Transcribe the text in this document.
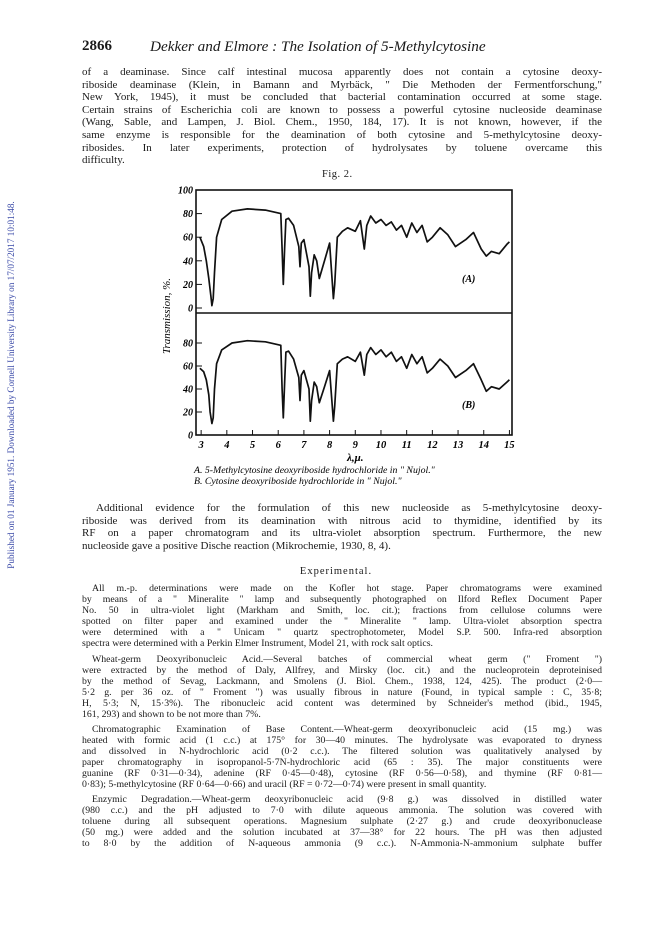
Published on 01 January 1951. Downloaded by Cornell University Library on 17/07/2017 10:01:48.
2866	Dekker and Elmore : The Isolation of 5-Methylcytosine
of a deaminase. Since calf intestinal mucosa apparently does not contain a cytosine deoxy-
riboside deaminase (Klein, in Bamann and Myrbäck, " Die Methoden der Fermentforschung,"
New York, 1945), it must be concluded that bacterial contamination occurred at some stage.
Certain strains of Escherichia coli are known to possess a powerful cytosine nucleoside deaminase
(Wang, Sable, and Lampen, J. Biol. Chem., 1950, 184, 17). It is not known, however, if the
same enzyme is responsible for the deamination of both cytosine and 5-methylcytosine deoxy-
ribosides. In later experiments, protection of hydrolysates by toluene overcame this
difficulty.
Fig. 2.
Transmission, %.
100
80
60
40
20
0
(A)
80
60
40
20
0
(B)
3 4 5 6 7 8 9 10 11 12 13 14 15
λ,μ.
A. 5-Methylcytosine deoxyriboside hydrochloride in " Nujol."
B. Cytosine deoxyriboside hydrochloride in " Nujol."
Additional evidence for the formulation of this new nucleoside as 5-methylcytosine deoxy-
riboside was derived from its deamination with nitrous acid to thymidine, identified by its
RF on a paper chromatogram and its ultra-violet absorption spectrum. Furthermore, the new
nucleoside gave a positive Dische reaction (Mikrochemie, 1930, 8, 4).
Experimental.
All m.-p. determinations were made on the Kofler hot stage. Paper chromatograms were examined
by means of a " Mineralite " lamp and subsequently photographed on Ilford Reflex Document Paper
No. 50 in ultra-violet light (Markham and Smith, loc. cit.); fractions from cellulose columns were
spotted on filter paper and examined under the " Mineralite " lamp. Ultra-violet absorption spectra
were determined with a " Unicam " quartz spectrophotometer, Model S.P. 500. Infra-red absorption
spectra were determined with a Perkin Elmer Instrument, Model 21, with rock salt optics.
Wheat-germ Deoxyribonucleic Acid.—Several batches of commercial wheat germ (" Froment ")
were extracted by the method of Daly, Allfrey, and Mirsky (loc. cit.) and the nucleoprotein deproteinised
by the method of Sevag, Lackmann, and Smolens (J. Biol. Chem., 1938, 124, 425). The product (2·0—
5·2 g. per 36 oz. of " Froment ") was usually fibrous in nature (Found, in typical sample : C, 35·8;
H, 5·3; N, 15·3%). The ribonucleic acid content was determined by Schneider's method (ibid., 1945,
161, 293) and shown to be not more than 7%.
Chromatographic Examination of Base Content.—Wheat-germ deoxyribonucleic acid (15 mg.) was
heated with formic acid (1 c.c.) at 175° for 30—40 minutes. The hydrolysate was evaporated to dryness
and dissolved in N-hydrochloric acid (0·2 c.c.). The filtered solution was qualitatively analysed by
paper chromatography in isopropanol-5·7N-hydrochloric acid (65 : 35). The major constituents were
guanine (RF 0·31—0·34), adenine (RF 0·45—0·48), cytosine (RF 0·56—0·58), and thymine (RF 0·81—
0·83); 5-methylcytosine (RF 0·64—0·66) and uracil (RF = 0·72—0·74) were present in small quantity.
Enzymic Degradation.—Wheat-germ deoxyribonucleic acid (9·8 g.) was dissolved in distilled water
(980 c.c.) and the pH adjusted to 7·0 with dilute aqueous ammonia. The solution was covered with
toluene during all subsequent operations. Magnesium sulphate (2·27 g.) and crude deoxyribonuclease
(50 mg.) were added and the solution incubated at 37—38° for 22 hours. The pH was then adjusted
to 8·0 by the addition of N-aqueous ammonia (9 c.c.). N-Ammonia-N-ammonium sulphate buffer
